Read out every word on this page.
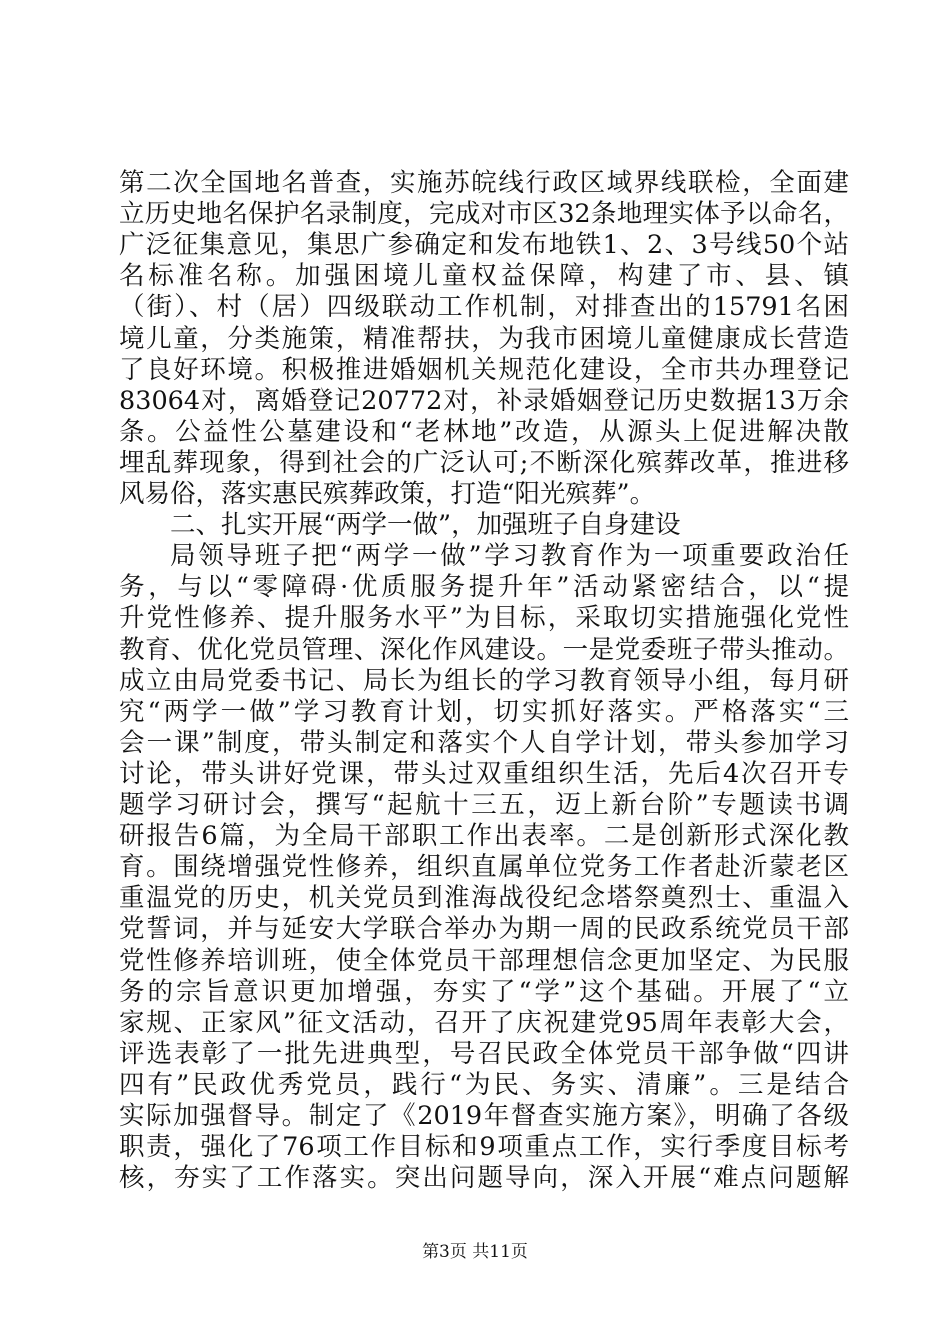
第二次全国地名普查，实施苏皖线行政区域界线联检，全面建
立历史地名保护名录制度，完成对市区32条地理实体予以命名，
广泛征集意见，集思广参确定和发布地铁1、2、3号线50个站
名标准名称。加强困境儿童权益保障，构建了市、县、镇
（街）、村（居）四级联动工作机制，对排查出的15791名困
境儿童，分类施策，精准帮扶，为我市困境儿童健康成长营造
了良好环境。积极推进婚姻机关规范化建设，全市共办理登记
83064对，离婚登记20772对，补录婚姻登记历史数据13万余
条。公益性公墓建设和“老林地”改造，从源头上促进解决散
埋乱葬现象，得到社会的广泛认可;不断深化殡葬改革，推进移
风易俗，落实惠民殡葬政策，打造“阳光殡葬”。
二、扎实开展“两学一做”，加强班子自身建设
局领导班子把“两学一做”学习教育作为一项重要政治任
务，与以“零障碍·优质服务提升年”活动紧密结合，以“提
升党性修养、提升服务水平”为目标，采取切实措施强化党性
教育、优化党员管理、深化作风建设。一是党委班子带头推动。
成立由局党委书记、局长为组长的学习教育领导小组，每月研
究“两学一做”学习教育计划，切实抓好落实。严格落实“三
会一课”制度，带头制定和落实个人自学计划，带头参加学习
讨论，带头讲好党课，带头过双重组织生活，先后4次召开专
题学习研讨会，撰写“起航十三五，迈上新台阶”专题读书调
研报告6篇，为全局干部职工作出表率。二是创新形式深化教
育。围绕增强党性修养，组织直属单位党务工作者赴沂蒙老区
重温党的历史，机关党员到淮海战役纪念塔祭奠烈士、重温入
党誓词，并与延安大学联合举办为期一周的民政系统党员干部
党性修养培训班，使全体党员干部理想信念更加坚定、为民服
务的宗旨意识更加增强，夯实了“学”这个基础。开展了“立
家规、正家风”征文活动，召开了庆祝建党95周年表彰大会，
评选表彰了一批先进典型，号召民政全体党员干部争做“四讲
四有”民政优秀党员，践行“为民、务实、清廉”。三是结合
实际加强督导。制定了《2019年督查实施方案》，明确了各级
职责，强化了76项工作目标和9项重点工作，实行季度目标考
核，夯实了工作落实。突出问题导向，深入开展“难点问题解
第3页 共11页
